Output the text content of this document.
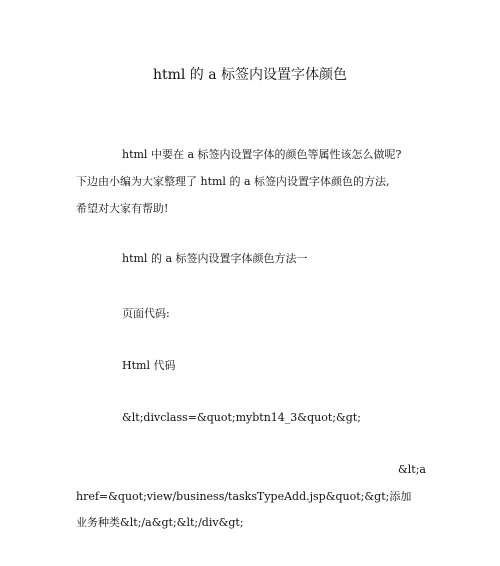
html 的 a 标签内设置字体颜色
html 中要在 a 标签内设置字体的颜色等属性该怎么做呢?
下边由小编为大家整理了 html 的 a 标签内设置字体颜色的方法,
希望对大家有帮助!
html 的 a 标签内设置字体颜色方法一
页面代码:
Html 代码
&lt;divclass=&quot;mybtn14_3&quot;&gt;
&lt;a
href=&quot;view/business/tasksTypeAdd.jsp&quot;&gt;添加
业务种类&lt;/a&gt;&lt;/div&gt;
